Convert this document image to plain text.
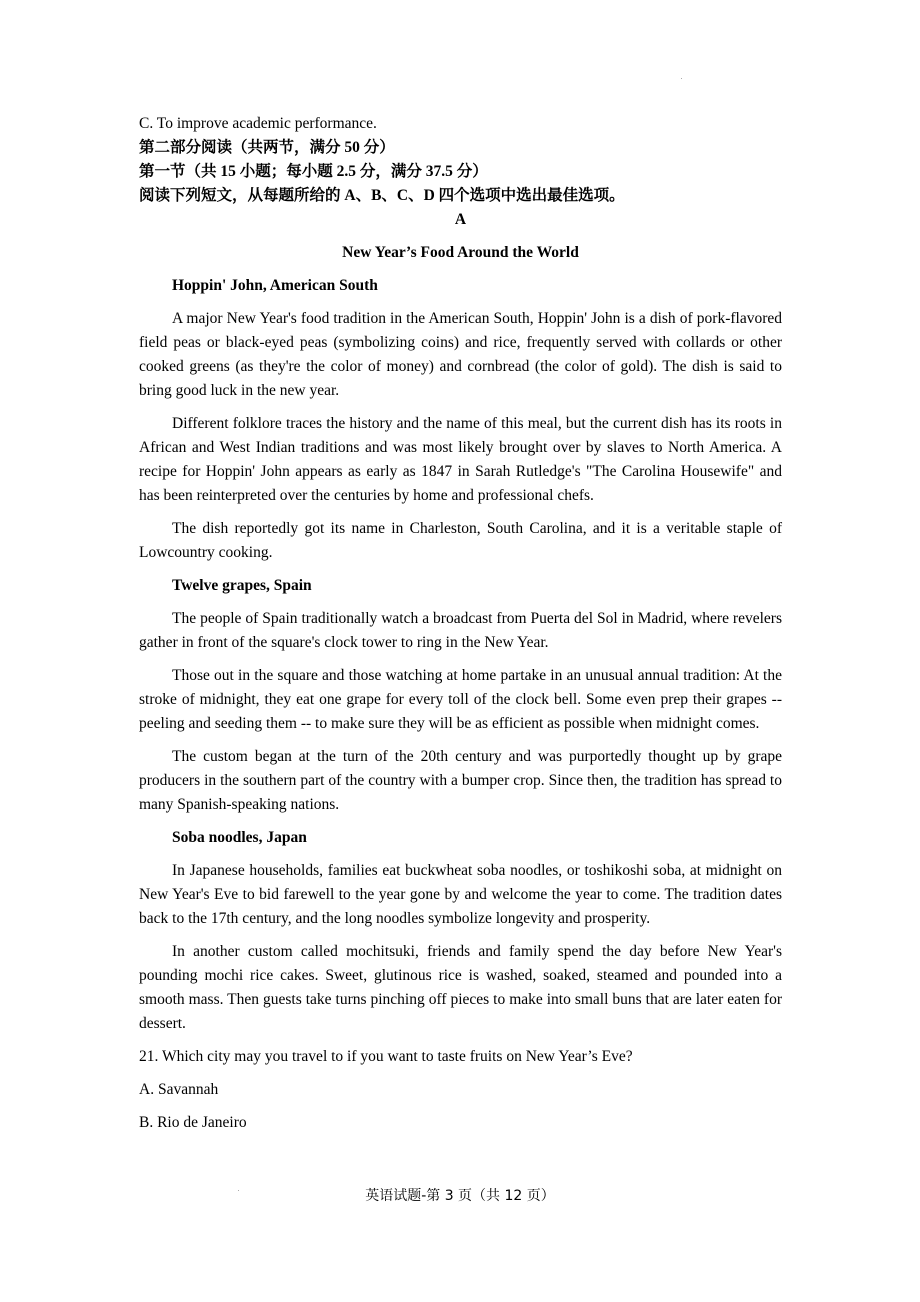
C. To improve academic performance.

第二部分阅读（共两节，满分 50 分）

第一节（共 15 小题；每小题 2.5 分，满分 37.5 分）

阅读下列短文，从每题所给的 A、B、C、D 四个选项中选出最佳选项。

A

New Year’s Food Around the World

Hoppin' John, American South

A major New Year's food tradition in the American South, Hoppin' John is a dish of pork-flavored field peas or black-eyed peas (symbolizing coins) and rice, frequently served with collards or other cooked greens (as they're the color of money) and cornbread (the color of gold). The dish is said to bring good luck in the new year.

Different folklore traces the history and the name of this meal, but the current dish has its roots in African and West Indian traditions and was most likely brought over by slaves to North America. A recipe for Hoppin' John appears as early as 1847 in Sarah Rutledge's "The Carolina Housewife" and has been reinterpreted over the centuries by home and professional chefs.

The dish reportedly got its name in Charleston, South Carolina, and it is a veritable staple of Lowcountry cooking.

Twelve grapes, Spain

The people of Spain traditionally watch a broadcast from Puerta del Sol in Madrid, where revelers gather in front of the square's clock tower to ring in the New Year.

Those out in the square and those watching at home partake in an unusual annual tradition: At the stroke of midnight, they eat one grape for every toll of the clock bell. Some even prep their grapes -- peeling and seeding them -- to make sure they will be as efficient as possible when midnight comes.

The custom began at the turn of the 20th century and was purportedly thought up by grape producers in the southern part of the country with a bumper crop. Since then, the tradition has spread to many Spanish-speaking nations.

Soba noodles, Japan

In Japanese households, families eat buckwheat soba noodles, or toshikoshi soba, at midnight on New Year's Eve to bid farewell to the year gone by and welcome the year to come. The tradition dates back to the 17th century, and the long noodles symbolize longevity and prosperity.

In another custom called mochitsuki, friends and family spend the day before New Year's pounding mochi rice cakes. Sweet, glutinous rice is washed, soaked, steamed and pounded into a smooth mass. Then guests take turns pinching off pieces to make into small buns that are later eaten for dessert.

21. Which city may you travel to if you want to taste fruits on New Year’s Eve?

A. Savannah

B. Rio de Janeiro

英语试题-第 3 页（共 12 页）
